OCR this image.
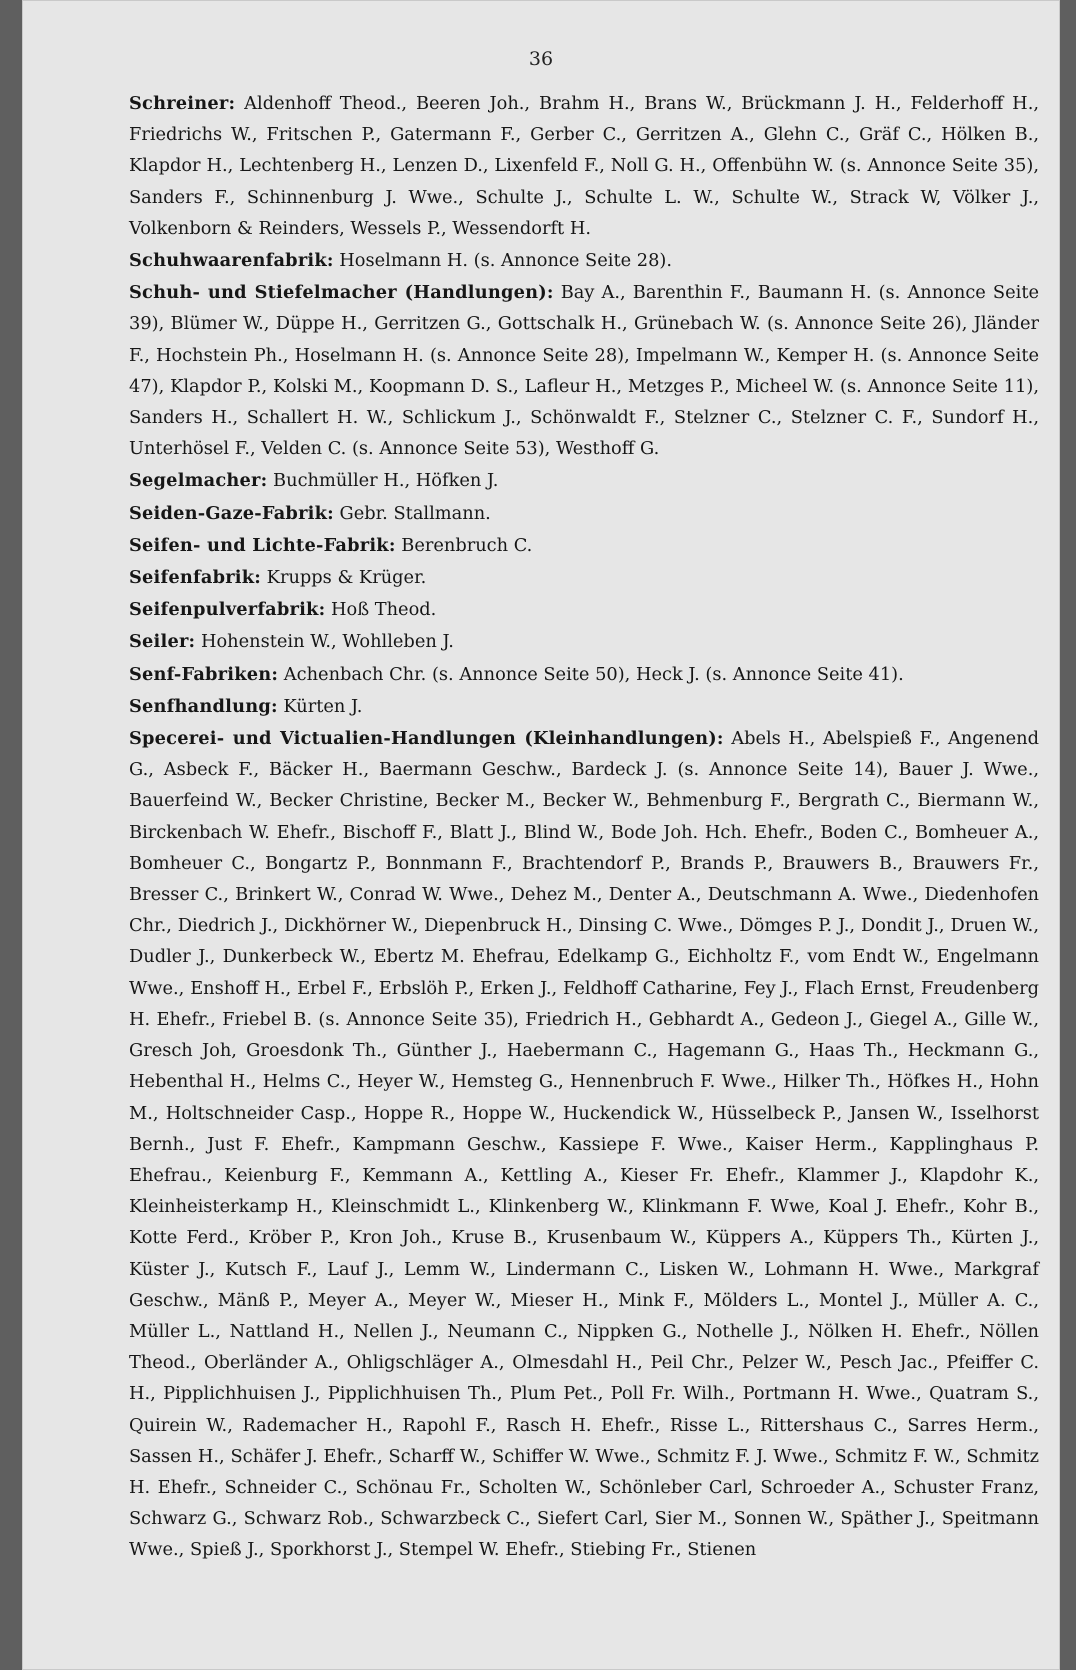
36

Schreiner: Aldenhoff Theod., Beeren Joh., Brahm H., Brans W., Brückmann J. H., Felderhoff H., Friedrichs W., Fritschen P., Gatermann F., Gerber C., Gerritzen A., Glehn C., Gräf C., Hölken B., Klapdor H., Lechtenberg H., Lenzen D., Lixenfeld F., Noll G. H., Offenbühn W. (s. Annonce Seite 35), Sanders F., Schinnenburg J. Wwe., Schulte J., Schulte L. W., Schulte W., Strack W, Völker J., Volkenborn & Reinders, Wessels P., Wessendorft H.

Schuhwaarenfabrik: Hoselmann H. (s. Annonce Seite 28).

Schuh- und Stiefelmacher (Handlungen): Bay A., Barenthin F., Baumann H. (s. Annonce Seite 39), Blümer W., Düppe H., Gerritzen G., Gottschalk H., Grünebach W. (s. Annonce Seite 26), Jländer F., Hochstein Ph., Hoselmann H. (s. Annonce Seite 28), Impelmann W., Kemper H. (s. Annonce Seite 47), Klapdor P., Kolski M., Koopmann D. S., Lafleur H., Metzges P., Micheel W. (s. Annonce Seite 11), Sanders H., Schallert H. W., Schlickum J., Schönwaldt F., Stelzner C., Stelzner C. F., Sundorf H., Unterhösel F., Velden C. (s. Annonce Seite 53), Westhoff G.

Segelmacher: Buchmüller H., Höfken J.

Seiden-Gaze-Fabrik: Gebr. Stallmann.

Seifen- und Lichte-Fabrik: Berenbruch C.

Seifenfabrik: Krupps & Krüger.

Seifenpulverfabrik: Hoß Theod.

Seiler: Hohenstein W., Wohlleben J.

Senf-Fabriken: Achenbach Chr. (s. Annonce Seite 50), Heck J. (s. Annonce Seite 41).

Senfhandlung: Kürten J.

Specerei- und Victualien-Handlungen (Kleinhandlungen): Abels H., Abelspieß F., Angenend G., Asbeck F., Bäcker H., Baermann Geschw., Bardeck J. (s. Annonce Seite 14), Bauer J. Wwe., Bauerfeind W., Becker Christine, Becker M., Becker W., Behmenburg F., Bergrath C., Biermann W., Birckenbach W. Ehefr., Bischoff F., Blatt J., Blind W., Bode Joh. Hch. Ehefr., Boden C., Bomheuer A., Bomheuer C., Bongartz P., Bonnmann F., Brachtendorf P., Brands P., Brauwers B., Brauwers Fr., Bresser C., Brinkert W., Conrad W. Wwe., Dehez M., Denter A., Deutschmann A. Wwe., Diedenhofen Chr., Diedrich J., Dickhörner W., Diepenbruck H., Dinsing C. Wwe., Dömges P. J., Dondit J., Druen W., Dudler J., Dunkerbeck W., Ebertz M. Ehefrau, Edelkamp G., Eichholtz F., vom Endt W., Engelmann Wwe., Enshoff H., Erbel F., Erbslöh P., Erken J., Feldhoff Catharine, Fey J., Flach Ernst, Freudenberg H. Ehefr., Friebel B. (s. Annonce Seite 35), Friedrich H., Gebhardt A., Gedeon J., Giegel A., Gille W., Gresch Joh, Groesdonk Th., Günther J., Haebermann C., Hagemann G., Haas Th., Heckmann G., Hebenthal H., Helms C., Heyer W., Hemsteg G., Hennenbruch F. Wwe., Hilker Th., Höfkes H., Hohn M., Holtschneider Casp., Hoppe R., Hoppe W., Huckendick W., Hüsselbeck P., Jansen W., Isselhorst Bernh., Just F. Ehefr., Kampmann Geschw., Kassiepe F. Wwe., Kaiser Herm., Kapplinghaus P. Ehefrau., Keienburg F., Kemmann A., Kettling A., Kieser Fr. Ehefr., Klammer J., Klapdohr K., Kleinheisterkamp H., Kleinschmidt L., Klinkenberg W., Klinkmann F. Wwe, Koal J. Ehefr., Kohr B., Kotte Ferd., Kröber P., Kron Joh., Kruse B., Krusenbaum W., Küppers A., Küppers Th., Kürten J., Küster J., Kutsch F., Lauf J., Lemm W., Lindermann C., Lisken W., Lohmann H. Wwe., Markgraf Geschw., Mänß P., Meyer A., Meyer W., Mieser H., Mink F., Mölders L., Montel J., Müller A. C., Müller L., Nattland H., Nellen J., Neumann C., Nippken G., Nothelle J., Nölken H. Ehefr., Nöllen Theod., Oberländer A., Ohligschläger A., Olmesdahl H., Peil Chr., Pelzer W., Pesch Jac., Pfeiffer C. H., Pipplichhuisen J., Pipplichhuisen Th., Plum Pet., Poll Fr. Wilh., Portmann H. Wwe., Quatram S., Quirein W., Rademacher H., Rapohl F., Rasch H. Ehefr., Risse L., Rittershaus C., Sarres Herm., Sassen H., Schäfer J. Ehefr., Scharff W., Schiffer W. Wwe., Schmitz F. J. Wwe., Schmitz F. W., Schmitz H. Ehefr., Schneider C., Schönau Fr., Scholten W., Schönleber Carl, Schroeder A., Schuster Franz, Schwarz G., Schwarz Rob., Schwarzbeck C., Siefert Carl, Sier M., Sonnen W., Späther J., Speitmann Wwe., Spieß J., Sporkhorst J., Stempel W. Ehefr., Stiebing Fr., Stienen
